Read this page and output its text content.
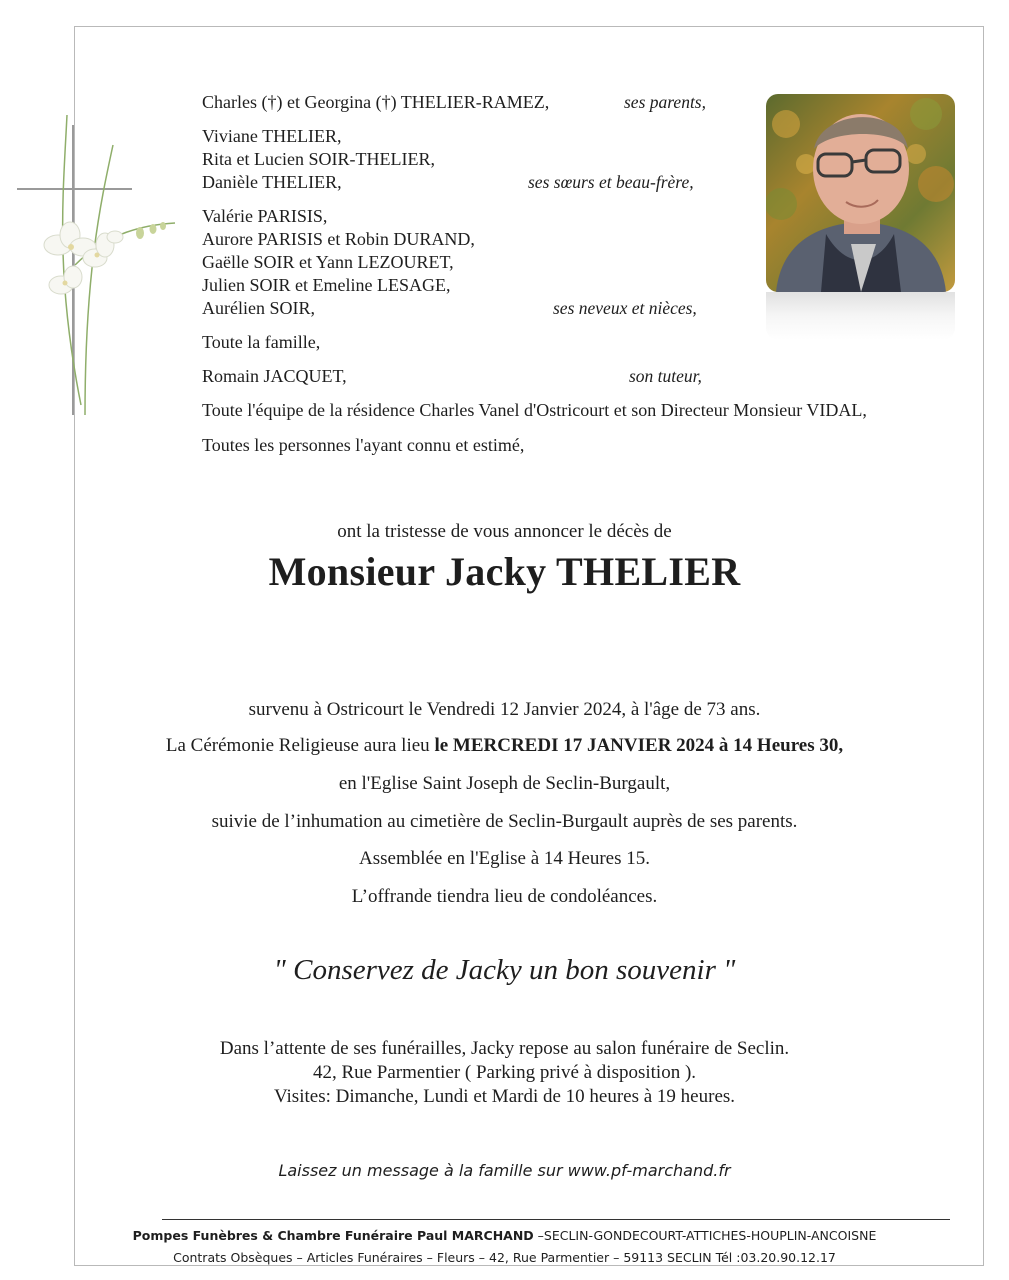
Charles (†) et Georgina (†) THELIER-RAMEZ,	ses parents,
Viviane THELIER,
Rita et Lucien SOIR-THELIER,
Danièle THELIER,	ses sœurs et beau-frère,
Valérie PARISIS,
Aurore PARISIS et Robin DURAND,
Gaëlle SOIR et Yann LEZOURET,
Julien SOIR et Emeline LESAGE,
Aurélien SOIR,	ses neveux et nièces,
Toute la famille,
Romain JACQUET,	son tuteur,
Toute l'équipe de la résidence Charles Vanel d'Ostricourt et son Directeur Monsieur VIDAL,
Toutes les personnes l'ayant connu et estimé,
ont la tristesse de vous annoncer le décès de
Monsieur Jacky THELIER
survenu à Ostricourt le Vendredi 12 Janvier 2024, à l'âge de 73 ans.
La Cérémonie Religieuse aura lieu le MERCREDI 17 JANVIER 2024 à 14 Heures 30,
en l'Eglise Saint Joseph de Seclin-Burgault,
suivie de l’inhumation au cimetière de Seclin-Burgault auprès de ses parents.
Assemblée en l'Eglise à 14 Heures 15.
L’offrande tiendra lieu de condoléances.
" Conservez de Jacky un bon souvenir "
Dans l’attente de ses funérailles, Jacky repose au salon funéraire de Seclin.
42, Rue Parmentier ( Parking privé à disposition ).
Visites: Dimanche, Lundi et Mardi de 10 heures à 19 heures.
Laissez un message à la famille sur www.pf-marchand.fr
Pompes Funèbres & Chambre Funéraire Paul MARCHAND –SECLIN-GONDECOURT-ATTICHES-HOUPLIN-ANCOISNE
Contrats Obsèques – Articles Funéraires – Fleurs – 42, Rue Parmentier – 59113 SECLIN Tél :03.20.90.12.17
